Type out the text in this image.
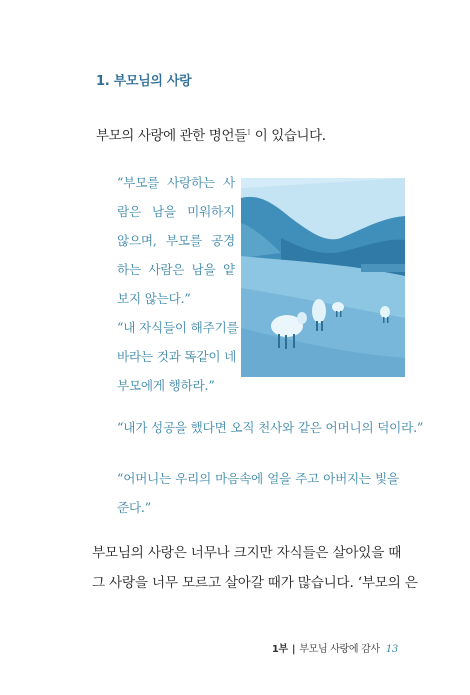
1. 부모님의 사랑
부모의 사랑에 관한 명언들$^1$ 이 있습니다.
“부모를 사랑하는 사
람은 남을 미워하지
않으며, 부모를 공경
하는 사람은 남을 얕
보지 않는다.”
“내 자식들이 해주기를
바라는 것과 똑같이 네
부모에게 행하라.”
“내가 성공을 했다면 오직 천사와 같은 어머니의 덕이라.”
“어머니는 우리의 마음속에 얼을 주고 아버지는 빛을
준다.”
부모님의 사랑은 너무나 크지만 자식들은 살아있을 때
그 사랑을 너무 모르고 살아갈 때가 많습니다. ‘부모의 은
1부 | 부모님 사랑에 감사 13
